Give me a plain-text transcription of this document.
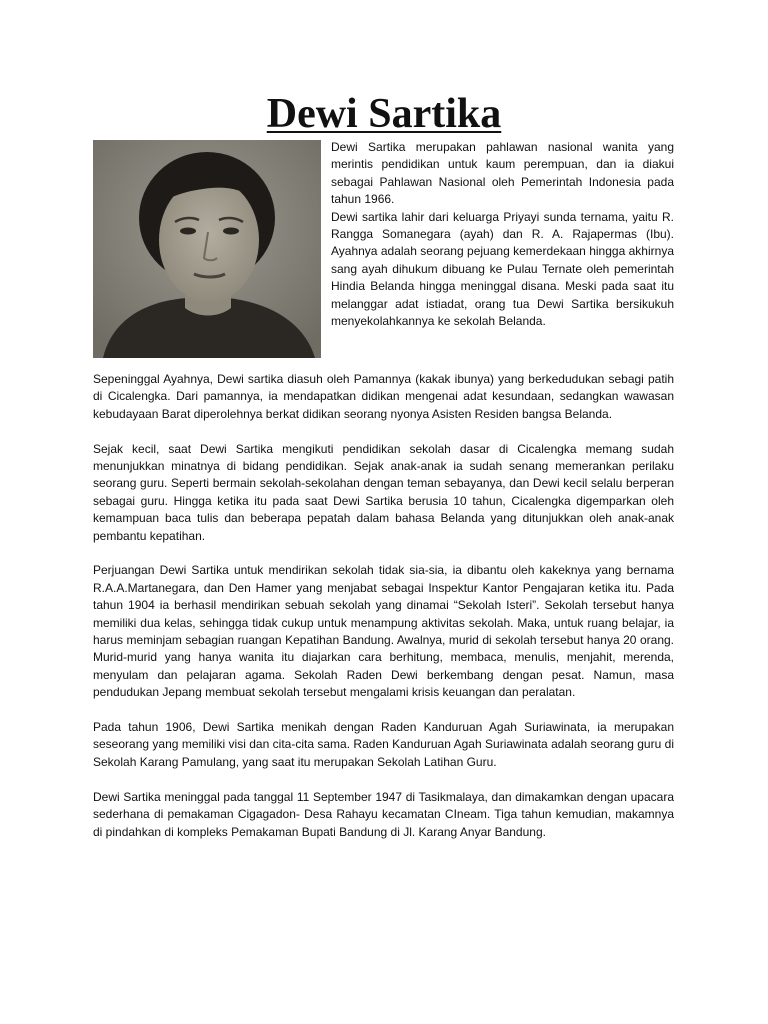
Dewi Sartika

Dewi Sartika merupakan pahlawan nasional wanita yang merintis pendidikan untuk kaum perempuan, dan ia diakui sebagai Pahlawan Nasional oleh Pemerintah Indonesia pada tahun 1966.

Dewi sartika lahir dari keluarga Priyayi sunda ternama, yaitu R. Rangga Somanegara (ayah) dan R. A. Rajapermas (Ibu). Ayahnya adalah seorang pejuang kemerdekaan hingga akhirnya sang ayah dihukum dibuang ke Pulau Ternate oleh pemerintah Hindia Belanda hingga meninggal disana. Meski pada saat itu melanggar adat istiadat, orang tua Dewi Sartika bersikukuh menyekolahkannya ke sekolah Belanda.

Sepeninggal Ayahnya, Dewi sartika diasuh oleh Pamannya (kakak ibunya) yang berkedudukan sebagi patih di Cicalengka. Dari pamannya, ia mendapatkan didikan mengenai adat kesundaan, sedangkan wawasan kebudayaan Barat diperolehnya berkat didikan seorang nyonya Asisten Residen bangsa Belanda.

Sejak kecil, saat Dewi Sartika mengikuti pendidikan sekolah dasar di Cicalengka memang sudah menunjukkan minatnya di bidang pendidikan. Sejak anak-anak ia sudah senang memerankan perilaku seorang guru. Seperti bermain sekolah-sekolahan dengan teman sebayanya, dan Dewi kecil selalu berperan sebagai guru. Hingga ketika itu pada saat Dewi Sartika berusia 10 tahun, Cicalengka digemparkan oleh kemampuan baca tulis dan beberapa pepatah dalam bahasa Belanda yang ditunjukkan oleh anak-anak pembantu kepatihan.

Perjuangan Dewi Sartika untuk mendirikan sekolah tidak sia-sia, ia dibantu oleh kakeknya yang bernama R.A.A.Martanegara, dan Den Hamer yang menjabat sebagai Inspektur Kantor Pengajaran ketika itu. Pada tahun 1904 ia berhasil mendirikan sebuah sekolah yang dinamai “Sekolah Isteri”. Sekolah tersebut hanya memiliki dua kelas, sehingga tidak cukup untuk menampung aktivitas sekolah. Maka, untuk ruang belajar, ia harus meminjam sebagian ruangan Kepatihan Bandung. Awalnya, murid di sekolah tersebut hanya 20 orang. Murid-murid yang hanya wanita itu diajarkan cara berhitung, membaca, menulis, menjahit, merenda, menyulam dan pelajaran agama. Sekolah Raden Dewi berkembang dengan pesat. Namun, masa pendudukan Jepang membuat sekolah tersebut mengalami krisis keuangan dan peralatan.

Pada tahun 1906, Dewi Sartika menikah dengan Raden Kanduruan Agah Suriawinata, ia merupakan seseorang yang memiliki visi dan cita-cita sama. Raden Kanduruan Agah Suriawinata adalah seorang guru di Sekolah Karang Pamulang, yang saat itu merupakan Sekolah Latihan Guru.

Dewi Sartika meninggal pada tanggal 11 September 1947 di Tasikmalaya, dan dimakamkan dengan upacara sederhana di pemakaman Cigagadon- Desa Rahayu kecamatan CIneam. Tiga tahun kemudian, makamnya di pindahkan di kompleks Pemakaman Bupati Bandung di Jl. Karang Anyar Bandung.
